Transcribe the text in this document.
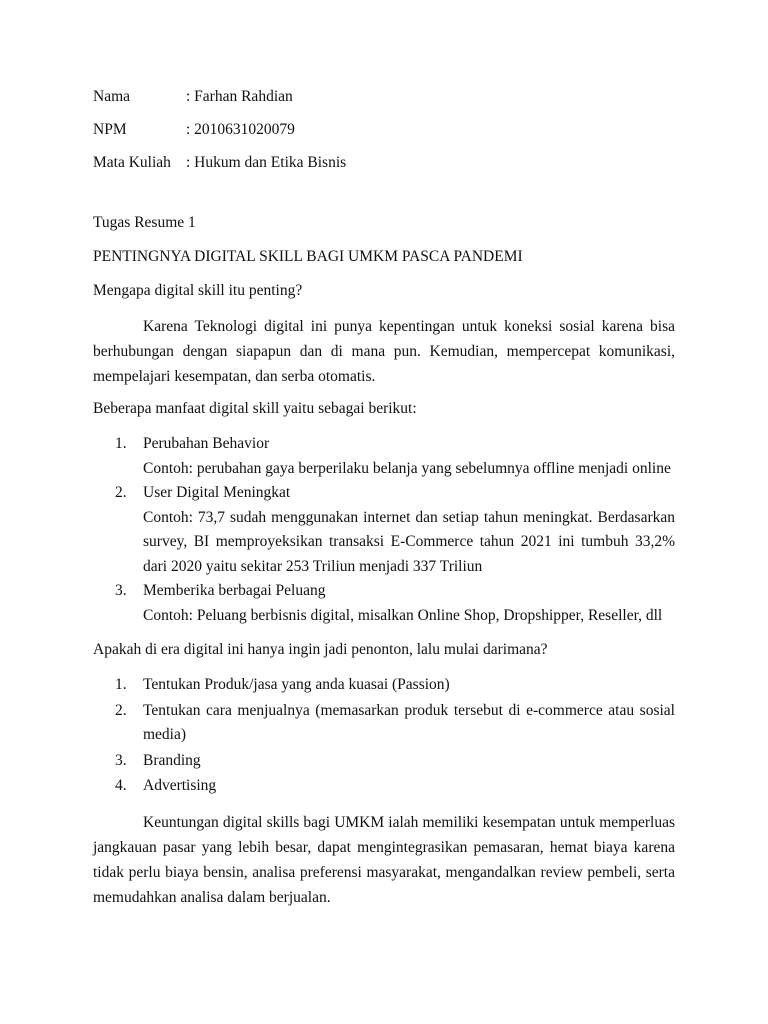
Nama	: Farhan Rahdian
NPM	: 2010631020079
Mata Kuliah : Hukum dan Etika Bisnis

Tugas Resume 1

PENTINGNYA DIGITAL SKILL BAGI UMKM PASCA PANDEMI

Mengapa digital skill itu penting?

Karena Teknologi digital ini punya kepentingan untuk koneksi sosial karena bisa berhubungan dengan siapapun dan di mana pun. Kemudian, mempercepat komunikasi, mempelajari kesempatan, dan serba otomatis.

Beberapa manfaat digital skill yaitu sebagai berikut:

1. Perubahan Behavior
Contoh: perubahan gaya berperilaku belanja yang sebelumnya offline menjadi online
2. User Digital Meningkat
Contoh: 73,7 sudah menggunakan internet dan setiap tahun meningkat. Berdasarkan survey, BI memproyeksikan transaksi E-Commerce tahun 2021 ini tumbuh 33,2% dari 2020 yaitu sekitar 253 Triliun menjadi 337 Triliun
3. Memberika berbagai Peluang
Contoh: Peluang berbisnis digital, misalkan Online Shop, Dropshipper, Reseller, dll

Apakah di era digital ini hanya ingin jadi penonton, lalu mulai darimana?

1. Tentukan Produk/jasa yang anda kuasai (Passion)
2. Tentukan cara menjualnya (memasarkan produk tersebut di e-commerce atau sosial media)
3. Branding
4. Advertising

Keuntungan digital skills bagi UMKM ialah memiliki kesempatan untuk memperluas jangkauan pasar yang lebih besar, dapat mengintegrasikan pemasaran, hemat biaya karena tidak perlu biaya bensin, analisa preferensi masyarakat, mengandalkan review pembeli, serta memudahkan analisa dalam berjualan.
